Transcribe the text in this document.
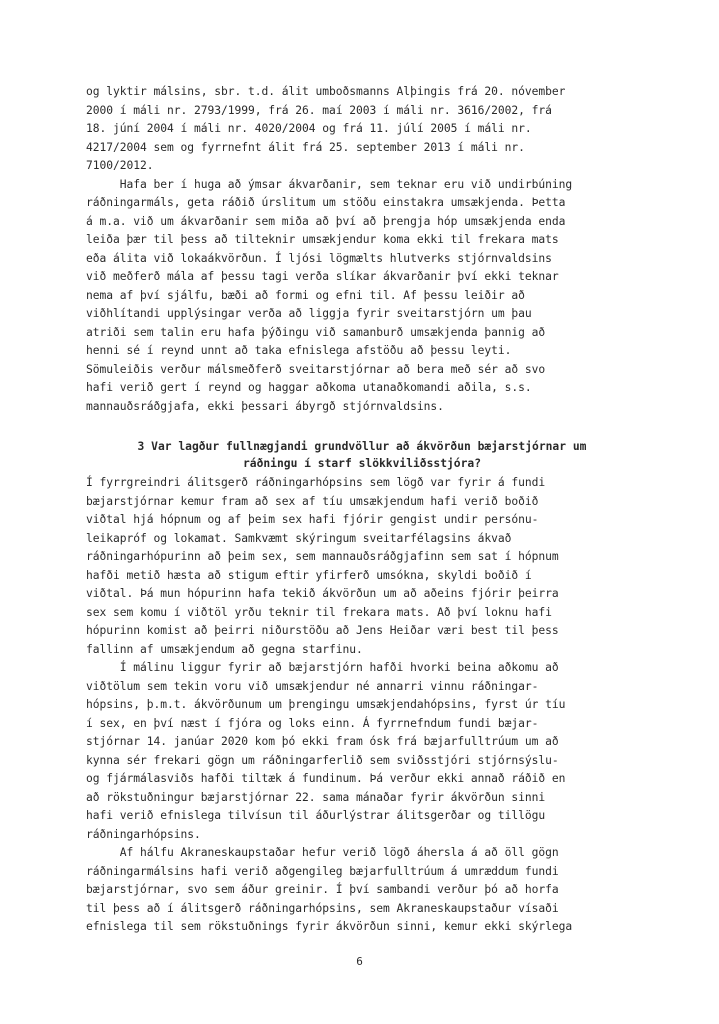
og lyktir málsins, sbr. t.d. álit umboðsmanns Alþingis frá 20. nóvember
2000 í máli nr. 2793/1999, frá 26. maí 2003 í máli nr. 3616/2002, frá
18. júní 2004 í máli nr. 4020/2004 og frá 11. júlí 2005 í máli nr.
4217/2004 sem og fyrrnefnt álit frá 25. september 2013 í máli nr.
7100/2012.
Hafa ber í huga að ýmsar ákvarðanir, sem teknar eru við undirbúning
ráðningarmáls, geta ráðið úrslitum um stöðu einstakra umsækjenda. Þetta
á m.a. við um ákvarðanir sem miða að því að þrengja hóp umsækjenda enda
leiða þær til þess að tilteknir umsækjendur koma ekki til frekara mats
eða álita við lokaákvörðun. Í ljósi lögmælts hlutverks stjórnvaldsins
við meðferð mála af þessu tagi verða slíkar ákvarðanir því ekki teknar
nema af því sjálfu, bæði að formi og efni til. Af þessu leiðir að
viðhlítandi upplýsingar verða að liggja fyrir sveitarstjórn um þau
atriði sem talin eru hafa þýðingu við samanburð umsækjenda þannig að
henni sé í reynd unnt að taka efnislega afstöðu að þessu leyti.
Sömuleiðis verður málsmeðferð sveitarstjórnar að bera með sér að svo
hafi verið gert í reynd og haggar aðkoma utanaðkomandi aðila, s.s.
mannauðsráðgjafa, ekki þessari ábyrgð stjórnvaldsins.
3 Var lagður fullnægjandi grundvöllur að ákvörðun bæjarstjórnar um
ráðningu í starf slökkviliðsstjóra?
Í fyrrgreindri álitsgerð ráðningarhópsins sem lögð var fyrir á fundi
bæjarstjórnar kemur fram að sex af tíu umsækjendum hafi verið boðið
viðtal hjá hópnum og af þeim sex hafi fjórir gengist undir persónu-
leikapróf og lokamat. Samkvæmt skýringum sveitarfélagsins ákvað
ráðningarhópurinn að þeim sex, sem mannauðsráðgjafinn sem sat í hópnum
hafði metið hæsta að stigum eftir yfirferð umsókna, skyldi boðið í
viðtal. Þá mun hópurinn hafa tekið ákvörðun um að aðeins fjórir þeirra
sex sem komu í viðtöl yrðu teknir til frekara mats. Að því loknu hafi
hópurinn komist að þeirri niðurstöðu að Jens Heiðar væri best til þess
fallinn af umsækjendum að gegna starfinu.
Í málinu liggur fyrir að bæjarstjórn hafði hvorki beina aðkomu að
viðtölum sem tekin voru við umsækjendur né annarri vinnu ráðningar-
hópsins, þ.m.t. ákvörðunum um þrengingu umsækjendahópsins, fyrst úr tíu
í sex, en því næst í fjóra og loks einn. Á fyrrnefndum fundi bæjar-
stjórnar 14. janúar 2020 kom þó ekki fram ósk frá bæjarfulltrúum um að
kynna sér frekari gögn um ráðningarferlið sem sviðsstjóri stjórnsýslu-
og fjármálasviðs hafði tiltæk á fundinum. Þá verður ekki annað ráðið en
að rökstuðningur bæjarstjórnar 22. sama mánaðar fyrir ákvörðun sinni
hafi verið efnislega tilvísun til áðurlýstrar álitsgerðar og tillögu
ráðningarhópsins.
Af hálfu Akraneskaupstaðar hefur verið lögð áhersla á að öll gögn
ráðningarmálsins hafi verið aðgengileg bæjarfulltrúum á umræddum fundi
bæjarstjórnar, svo sem áður greinir. Í því sambandi verður þó að horfa
til þess að í álitsgerð ráðningarhópsins, sem Akraneskaupstaður vísaði
efnislega til sem rökstuðnings fyrir ákvörðun sinni, kemur ekki skýrlega
6
